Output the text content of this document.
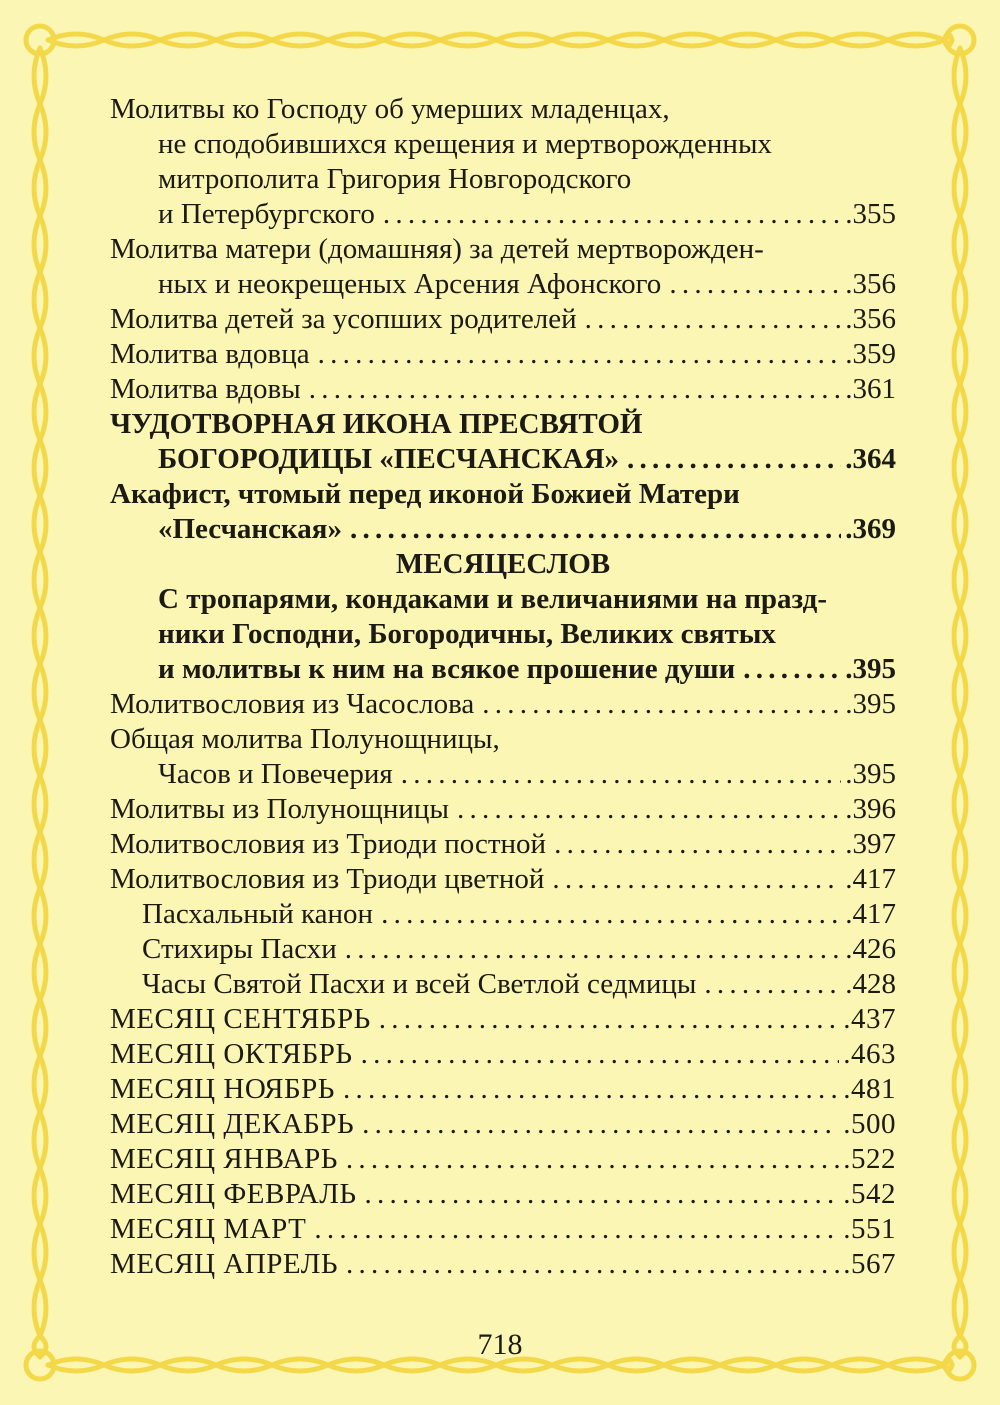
Молитвы ко Господу об умерших младенцах,
не сподобившихся крещения и мертворожденных
митрополита Григория Новгородского
и Петербургского . . .	.355
Молитва матери (домашняя) за детей мертворожден-
ных и неокрещеных Арсения Афонского . . .	.356
Молитва детей за усопших родителей . . .	.356
Молитва вдовца . . .	.359
Молитва вдовы . . .	.361
ЧУДОТВОРНАЯ ИКОНА ПРЕСВЯТОЙ
БОГОРОДИЦЫ «ПЕСЧАНСКАЯ» . . .	.364
Акафист, чтомый перед иконой Божией Матери
«Песчанская» . . .	.369
МЕСЯЦЕСЛОВ
С тропарями, кондаками и величаниями на празд-
ники Господни, Богородичны, Великих святых
и молитвы к ним на всякое прошение души . . .	.395
Молитвословия из Часослова . . .	.395
Общая молитва Полунощницы,
Часов и Повечерия . . .	.395
Молитвы из Полунощницы . . .	.396
Молитвословия из Триоди постной . . .	.397
Молитвословия из Триоди цветной . . .	.417
Пасхальный канон . . .	.417
Стихиры Пасхи . . .	.426
Часы Святой Пасхи и всей Светлой седмицы . . .	.428
МЕСЯЦ СЕНТЯБРЬ . . .	.437
МЕСЯЦ ОКТЯБРЬ . . .	.463
МЕСЯЦ НОЯБРЬ . . .	.481
МЕСЯЦ ДЕКАБРЬ . . .	.500
МЕСЯЦ ЯНВАРЬ . . .	.522
МЕСЯЦ ФЕВРАЛЬ . . .	.542
МЕСЯЦ МАРТ . . .	.551
МЕСЯЦ АПРЕЛЬ . . .	.567
718
